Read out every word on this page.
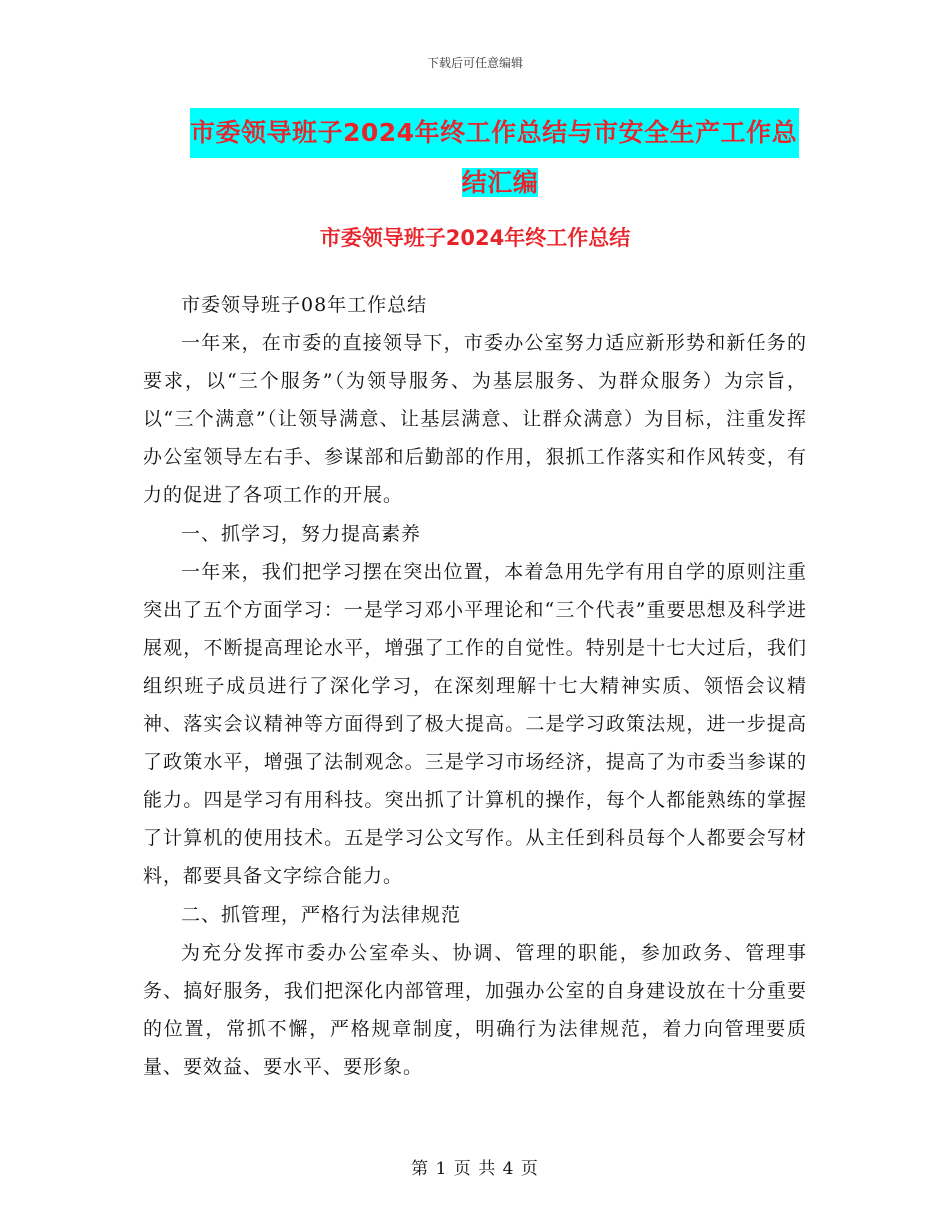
下载后可任意编辑
市委领导班子2024年终工作总结与市安全生产工作总
结汇编
市委领导班子2024年终工作总结

市委领导班子08年工作总结

一年来，在市委的直接领导下，市委办公室努力适应新形势和新任务的要求，以“三个服务”（为领导服务、为基层服务、为群众服务）为宗旨，以“三个满意”（让领导满意、让基层满意、让群众满意）为目标，注重发挥办公室领导左右手、参谋部和后勤部的作用，狠抓工作落实和作风转变，有力的促进了各项工作的开展。

一、抓学习，努力提高素养

一年来，我们把学习摆在突出位置，本着急用先学有用自学的原则注重突出了五个方面学习：一是学习邓小平理论和“三个代表”重要思想及科学进展观，不断提高理论水平，增强了工作的自觉性。特别是十七大过后，我们组织班子成员进行了深化学习，在深刻理解十七大精神实质、领悟会议精神、落实会议精神等方面得到了极大提高。二是学习政策法规，进一步提高了政策水平，增强了法制观念。三是学习市场经济，提高了为市委当参谋的能力。四是学习有用科技。突出抓了计算机的操作，每个人都能熟练的掌握了计算机的使用技术。五是学习公文写作。从主任到科员每个人都要会写材料，都要具备文字综合能力。

二、抓管理，严格行为法律规范

为充分发挥市委办公室牵头、协调、管理的职能，参加政务、管理事务、搞好服务，我们把深化内部管理，加强办公室的自身建设放在十分重要的位置，常抓不懈，严格规章制度，明确行为法律规范，着力向管理要质量、要效益、要水平、要形象。

第 1 页 共 4 页
